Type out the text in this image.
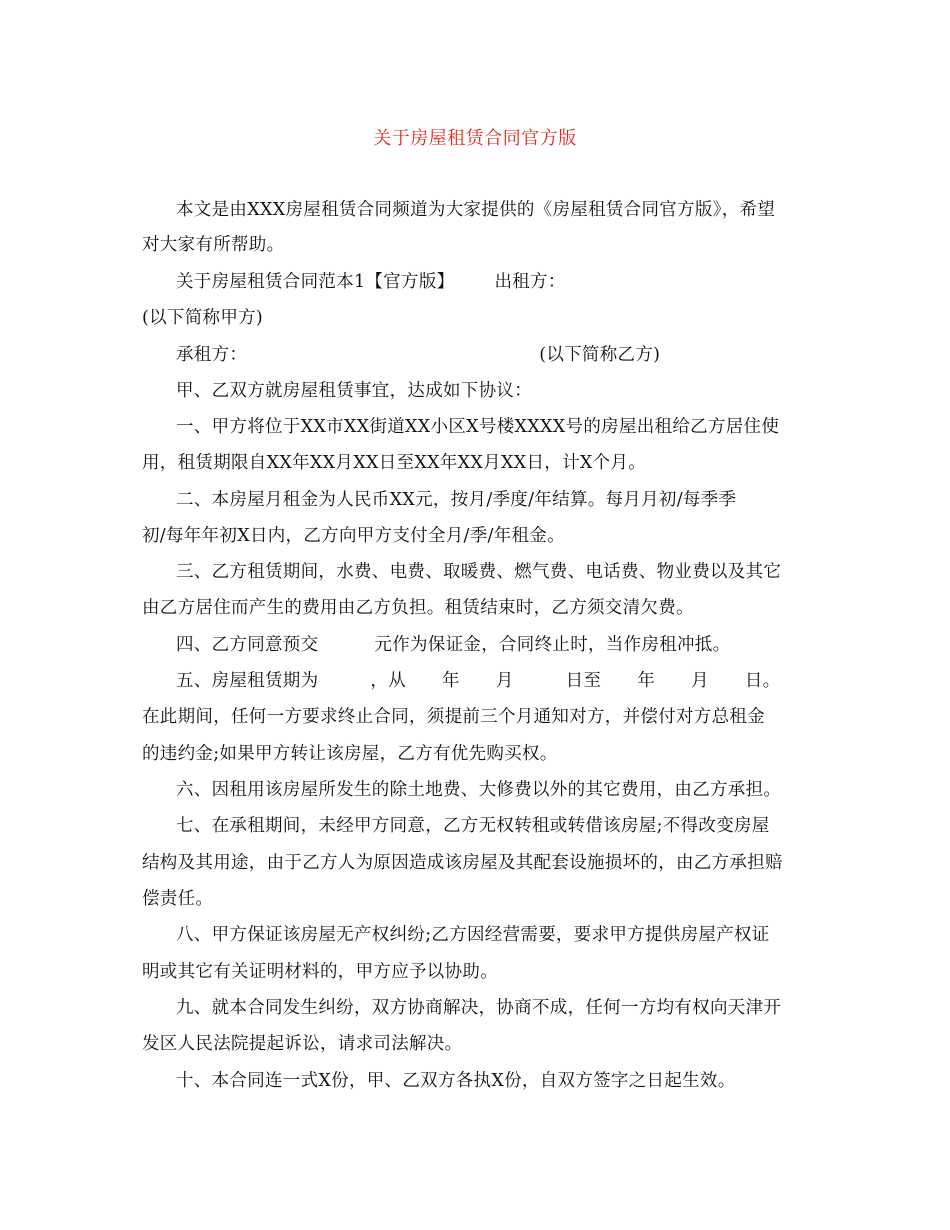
关于房屋租赁合同官方版
本文是由XXX房屋租赁合同频道为大家提供的《房屋租赁合同官方版》，希望
对大家有所帮助。
关于房屋租赁合同范本1【官方版】 出租方：
(以下简称甲方)
承租方：	(以下简称乙方)
甲、乙双方就房屋租赁事宜，达成如下协议：
一、甲方将位于XX市XX街道XX小区X号楼XXXX号的房屋出租给乙方居住使
用，租赁期限自XX年XX月XX日至XX年XX月XX日，计X个月。
二、本房屋月租金为人民币XX元，按月/季度/年结算。每月月初/每季季
初/每年年初X日内，乙方向甲方支付全月/季/年租金。
三、乙方租赁期间，水费、电费、取暖费、燃气费、电话费、物业费以及其它
由乙方居住而产生的费用由乙方负担。租赁结束时，乙方须交清欠费。
四、乙方同意预交	元作为保证金，合同终止时，当作房租冲抵。
五、房屋租赁期为	，从 年 月	日至 年 月 日。
在此期间，任何一方要求终止合同，须提前三个月通知对方，并偿付对方总租金
的违约金;如果甲方转让该房屋，乙方有优先购买权。
六、因租用该房屋所发生的除土地费、大修费以外的其它费用，由乙方承担。
七、在承租期间，未经甲方同意，乙方无权转租或转借该房屋;不得改变房屋
结构及其用途，由于乙方人为原因造成该房屋及其配套设施损坏的，由乙方承担赔
偿责任。
八、甲方保证该房屋无产权纠纷;乙方因经营需要，要求甲方提供房屋产权证
明或其它有关证明材料的，甲方应予以协助。
九、就本合同发生纠纷，双方协商解决，协商不成，任何一方均有权向天津开
发区人民法院提起诉讼，请求司法解决。
十、本合同连一式X份，甲、乙双方各执X份，自双方签字之日起生效。
